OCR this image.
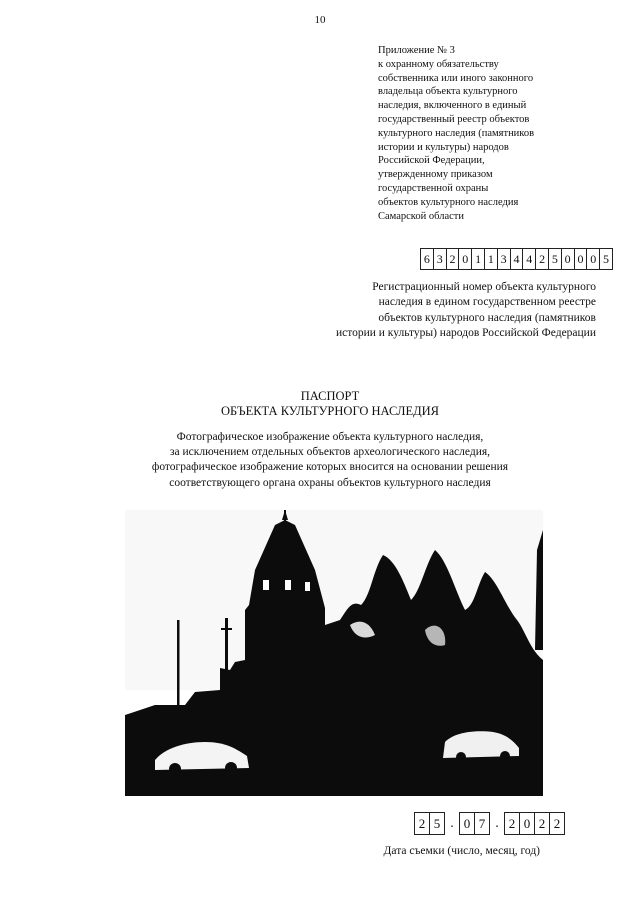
10
Приложение № 3
к охранному обязательству
собственника или иного законного
владельца объекта культурного
наследия, включенного в единый
государственный реестр объектов
культурного наследия (памятников
истории и культуры) народов
Российской Федерации,
утвержденному приказом
государственной охраны
объектов культурного наследия
Самарской области
6 3 2 0 1 1 3 4 4 2 5 0 0 0 5
Регистрационный номер объекта культурного
наследия в едином государственном реестре
объектов культурного наследия (памятников
истории и культуры) народов Российской Федерации
ПАСПОРТ
ОБЪЕКТА КУЛЬТУРНОГО НАСЛЕДИЯ
Фотографическое изображение объекта культурного наследия,
за исключением отдельных объектов археологического наследия,
фотографическое изображение которых вносится на основании решения
соответствующего органа охраны объектов культурного наследия
2 5 . 0 7 . 2 0 2 2
Дата съемки (число, месяц, год)
